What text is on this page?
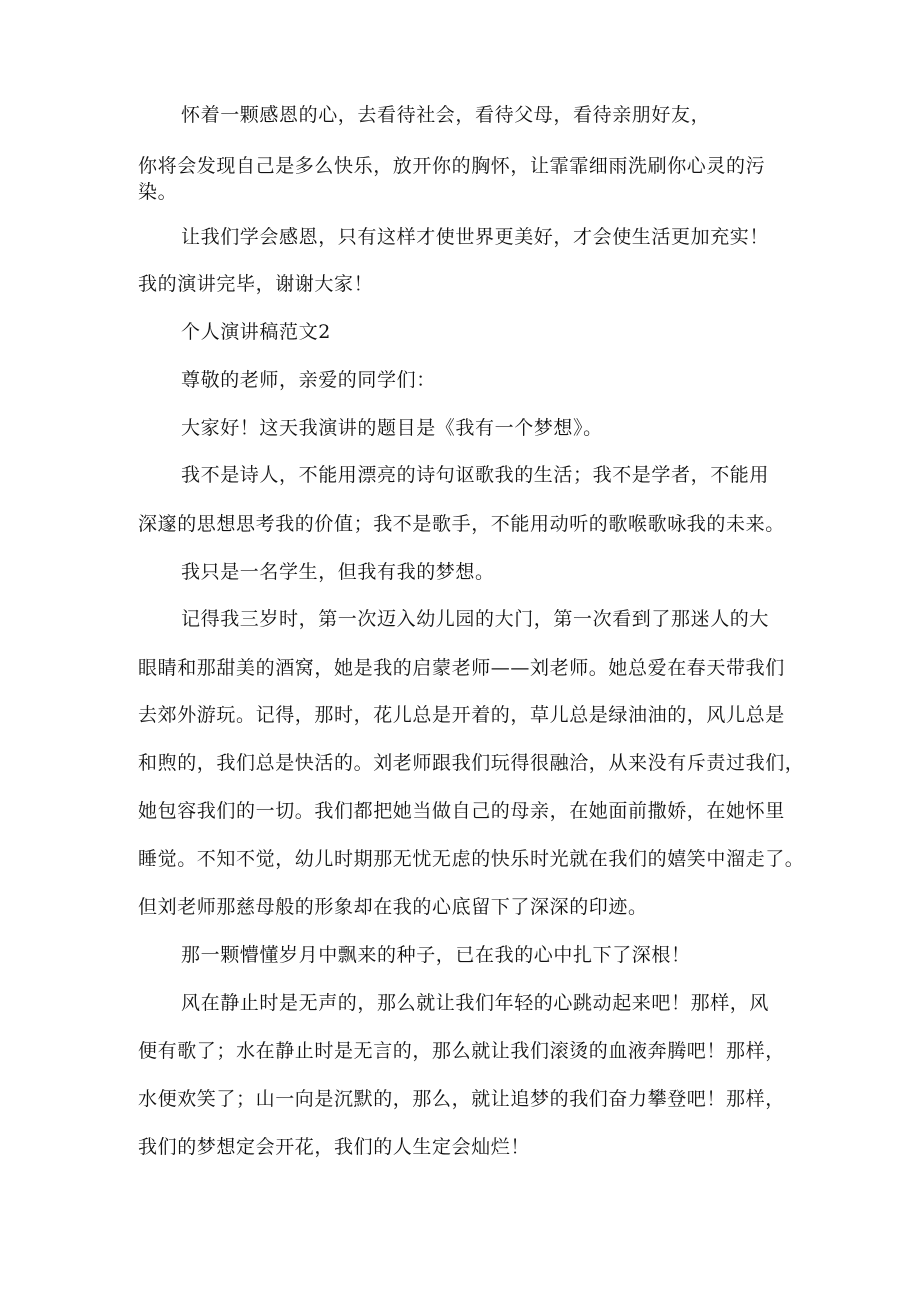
怀着一颗感恩的心，去看待社会，看待父母，看待亲朋好友，
你将会发现自己是多么快乐，放开你的胸怀，让霏霏细雨洗刷你心灵的污
染。
让我们学会感恩，只有这样才使世界更美好，才会使生活更加充实！
我的演讲完毕，谢谢大家！
个人演讲稿范文2
尊敬的老师，亲爱的同学们：
大家好！这天我演讲的题目是《我有一个梦想》。
我不是诗人，不能用漂亮的诗句讴歌我的生活；我不是学者，不能用
深邃的思想思考我的价值；我不是歌手，不能用动听的歌喉歌咏我的未来。
我只是一名学生，但我有我的梦想。
记得我三岁时，第一次迈入幼儿园的大门，第一次看到了那迷人的大
眼睛和那甜美的酒窝，她是我的启蒙老师——刘老师。她总爱在春天带我们
去郊外游玩。记得，那时，花儿总是开着的，草儿总是绿油油的，风儿总是
和煦的，我们总是快活的。刘老师跟我们玩得很融洽，从来没有斥责过我们，
她包容我们的一切。我们都把她当做自己的母亲，在她面前撒娇，在她怀里
睡觉。不知不觉，幼儿时期那无忧无虑的快乐时光就在我们的嬉笑中溜走了。
但刘老师那慈母般的形象却在我的心底留下了深深的印迹。
那一颗懵懂岁月中飘来的种子，已在我的心中扎下了深根！
风在静止时是无声的，那么就让我们年轻的心跳动起来吧！那样，风
便有歌了；水在静止时是无言的，那么就让我们滚烫的血液奔腾吧！那样，
水便欢笑了；山一向是沉默的，那么，就让追梦的我们奋力攀登吧！那样，
我们的梦想定会开花，我们的人生定会灿烂！
